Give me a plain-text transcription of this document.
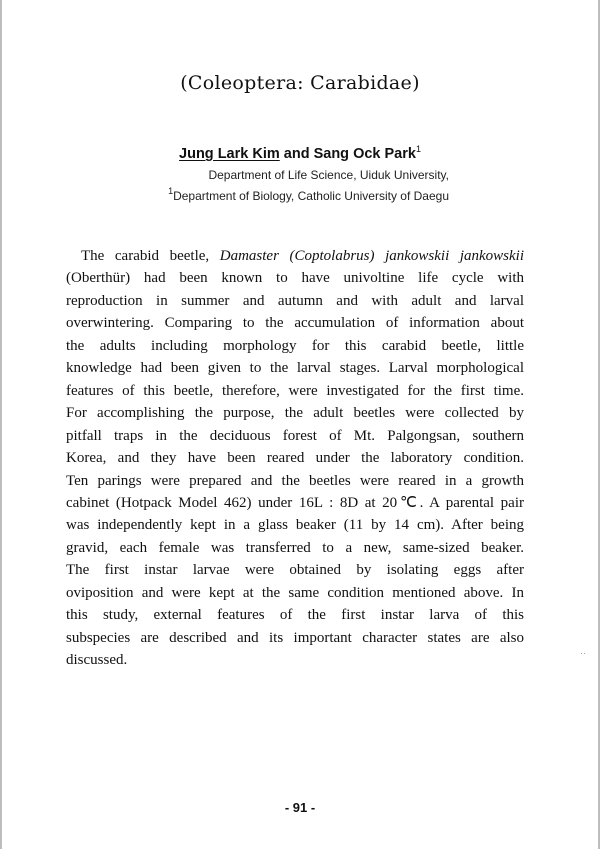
(Coleoptera: Carabidae)
Jung Lark Kim and Sang Ock Park$^1$
Department of Life Science, Uiduk University,
$^1$Department of Biology, Catholic University of Daegu
The carabid beetle, Damaster (Coptolabrus) jankowskii jankowskii
(Oberthür) had been known to have univoltine life cycle with
reproduction in summer and autumn and with adult and larval
overwintering. Comparing to the accumulation of information about
the adults including morphology for this carabid beetle, little
knowledge had been given to the larval stages. Larval morphological
features of this beetle, therefore, were investigated for the first time.
For accomplishing the purpose, the adult beetles were collected by
pitfall traps in the deciduous forest of Mt. Palgongsan, southern
Korea, and they have been reared under the laboratory condition.
Ten parings were prepared and the beetles were reared in a growth
cabinet (Hotpack Model 462) under 16L : 8D at 20℃. A parental pair
was independently kept in a glass beaker (11 by 14 cm). After being
gravid, each female was transferred to a new, same-sized beaker.
The first instar larvae were obtained by isolating eggs after
oviposition and were kept at the same condition mentioned above. In
this study, external features of the first instar larva of this
subspecies are described and its important character states are also
discussed.	··
- 91 -
